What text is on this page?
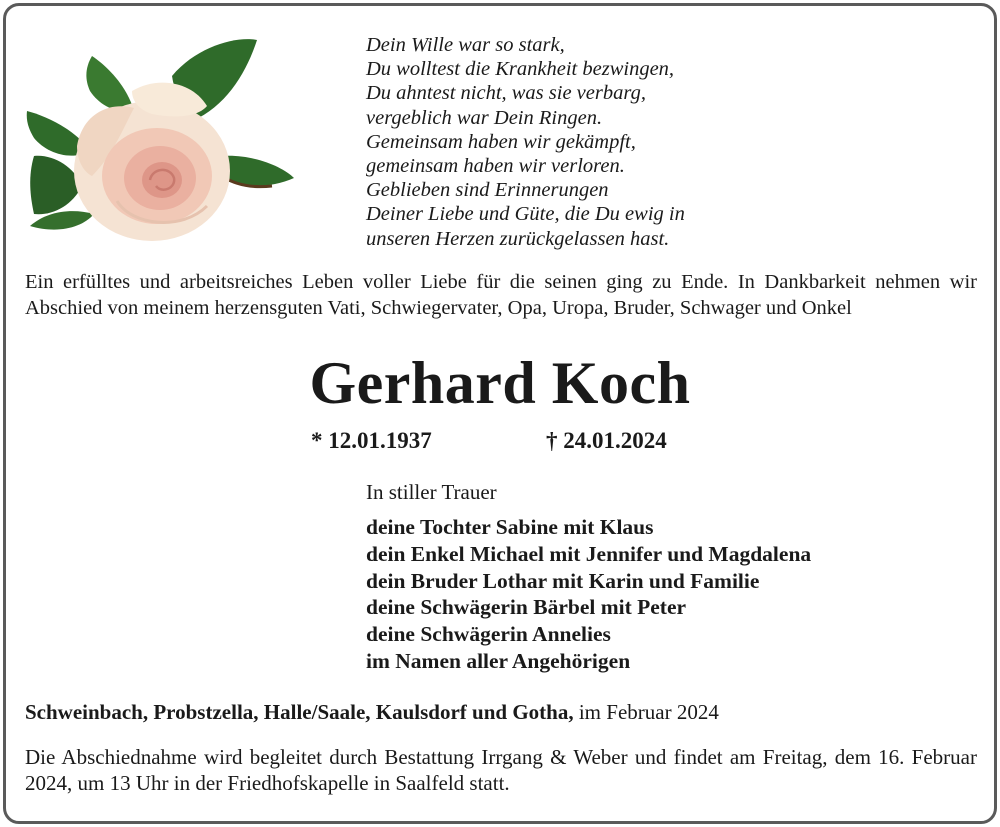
Dein Wille war so stark,
Du wolltest die Krankheit bezwingen,
Du ahntest nicht, was sie verbarg,
vergeblich war Dein Ringen.
Gemeinsam haben wir gekämpft,
gemeinsam haben wir verloren.
Geblieben sind Erinnerungen
Deiner Liebe und Güte, die Du ewig in
unseren Herzen zurückgelassen hast.
Ein erfülltes und arbeitsreiches Leben voller Liebe für die seinen ging zu Ende. In Dankbarkeit nehmen wir Abschied von meinem herzensguten Vati, Schwiegervater, Opa, Uropa, Bruder, Schwager und Onkel
Gerhard Koch
* 12.01.1937	† 24.01.2024
In stiller Trauer
deine Tochter Sabine mit Klaus
dein Enkel Michael mit Jennifer und Magdalena
dein Bruder Lothar mit Karin und Familie
deine Schwägerin Bärbel mit Peter
deine Schwägerin Annelies
im Namen aller Angehörigen
Schweinbach, Probstzella, Halle/Saale, Kaulsdorf und Gotha, im Februar 2024
Die Abschiednahme wird begleitet durch Bestattung Irrgang & Weber und findet am Freitag, dem 16. Februar 2024, um 13 Uhr in der Friedhofskapelle in Saalfeld statt.
